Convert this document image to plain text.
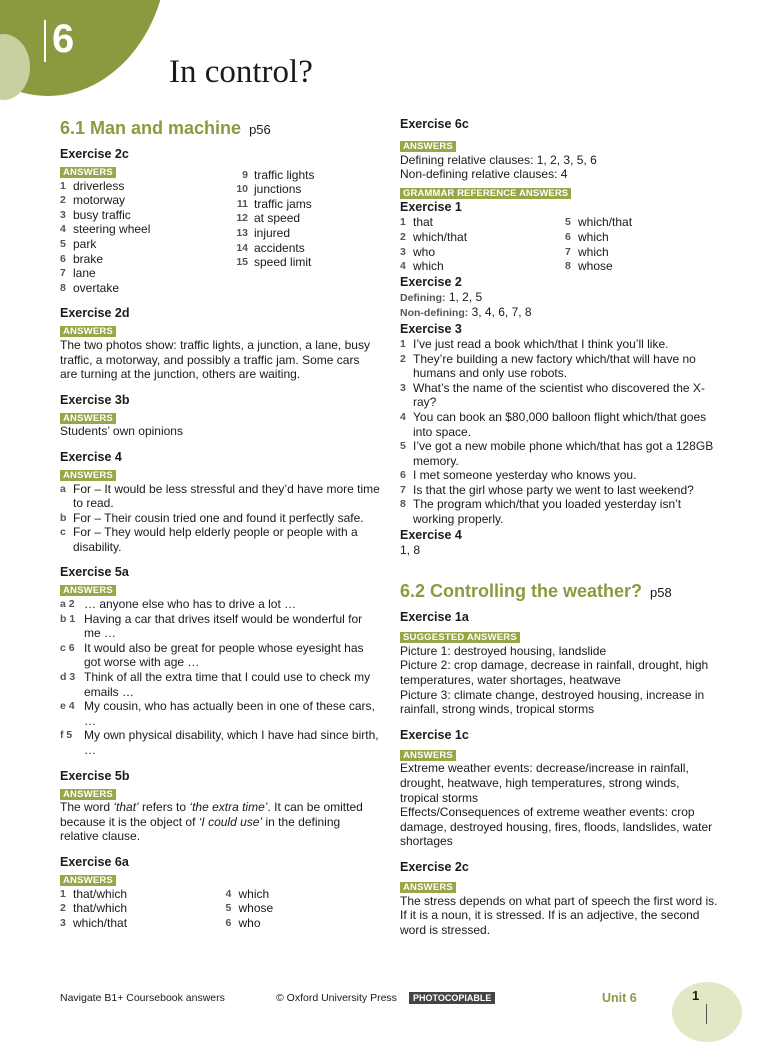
6
In control?
6.1 Man and machine p56
Exercise 2c
ANSWERS
1 driverless
2 motorway
3 busy traffic
4 steering wheel
5 park
6 brake
7 lane
8 overtake
9 traffic lights
10 junctions
11 traffic jams
12 at speed
13 injured
14 accidents
15 speed limit
Exercise 2d
ANSWERS

The two photos show: traffic lights, a junction, a lane, busy traffic, a motorway, and possibly a traffic jam. Some cars are turning at the junction, others are waiting.

Exercise 3b
ANSWERS

Students’ own opinions

Exercise 4
ANSWERS
a For – It would be less stressful and they’d have more time to read.
b For – Their cousin tried one and found it perfectly safe.
c For – They would help elderly people or people with a disability.
Exercise 5a
ANSWERS
a 2 … anyone else who has to drive a lot …
b 1 Having a car that drives itself would be wonderful for me …
c 6 It would also be great for people whose eyesight has got worse with age …
d 3 Think of all the extra time that I could use to check my emails …
e 4 My cousin, who has actually been in one of these cars, …
f 5 My own physical disability, which I have had since birth, …
Exercise 5b
ANSWERS

The word ‘that’ refers to ‘the extra time’. It can be omitted because it is the object of ‘I could use’ in the defining relative clause.

Exercise 6a
ANSWERS
1 that/which
2 that/which
3 which/that
4 which
5 whose
6 who
Exercise 6c
ANSWERS

Defining relative clauses: 1, 2, 3, 5, 6

Non-defining relative clauses: 4

GRAMMAR REFERENCE ANSWERS
Exercise 1
1 that
2 which/that
3 who
4 which
5 which/that
6 which
7 which
8 whose
Exercise 2

Defining: 1, 2, 5

Non-defining: 3, 4, 6, 7, 8

Exercise 3
1 I’ve just read a book which/that I think you’ll like.
2 They’re building a new factory which/that will have no humans and only use robots.
3 What’s the name of the scientist who discovered the X-ray?
4 You can book an $80,000 balloon flight which/that goes into space.
5 I’ve got a new mobile phone which/that has got a 128GB memory.
6 I met someone yesterday who knows you.
7 Is that the girl whose party we went to last weekend?
8 The program which/that you loaded yesterday isn’t working properly.
Exercise 4

1, 8

6.2 Controlling the weather? p58
Exercise 1a
SUGGESTED ANSWERS

Picture 1: destroyed housing, landslide

Picture 2: crop damage, decrease in rainfall, drought, high temperatures, water shortages, heatwave

Picture 3: climate change, destroyed housing, increase in rainfall, strong winds, tropical storms

Exercise 1c
ANSWERS

Extreme weather events: decrease/increase in rainfall, drought, heatwave, high temperatures, strong winds, tropical storms

Effects/Consequences of extreme weather events: crop damage, destroyed housing, fires, floods, landslides, water shortages

Exercise 2c
ANSWERS

The stress depends on what part of speech the first word is. If it is a noun, it is stressed. If is an adjective, the second word is stressed.

Navigate B1+ Coursebook answers	© Oxford University Press	PHOTOCOPIABLE	Unit 6	1
